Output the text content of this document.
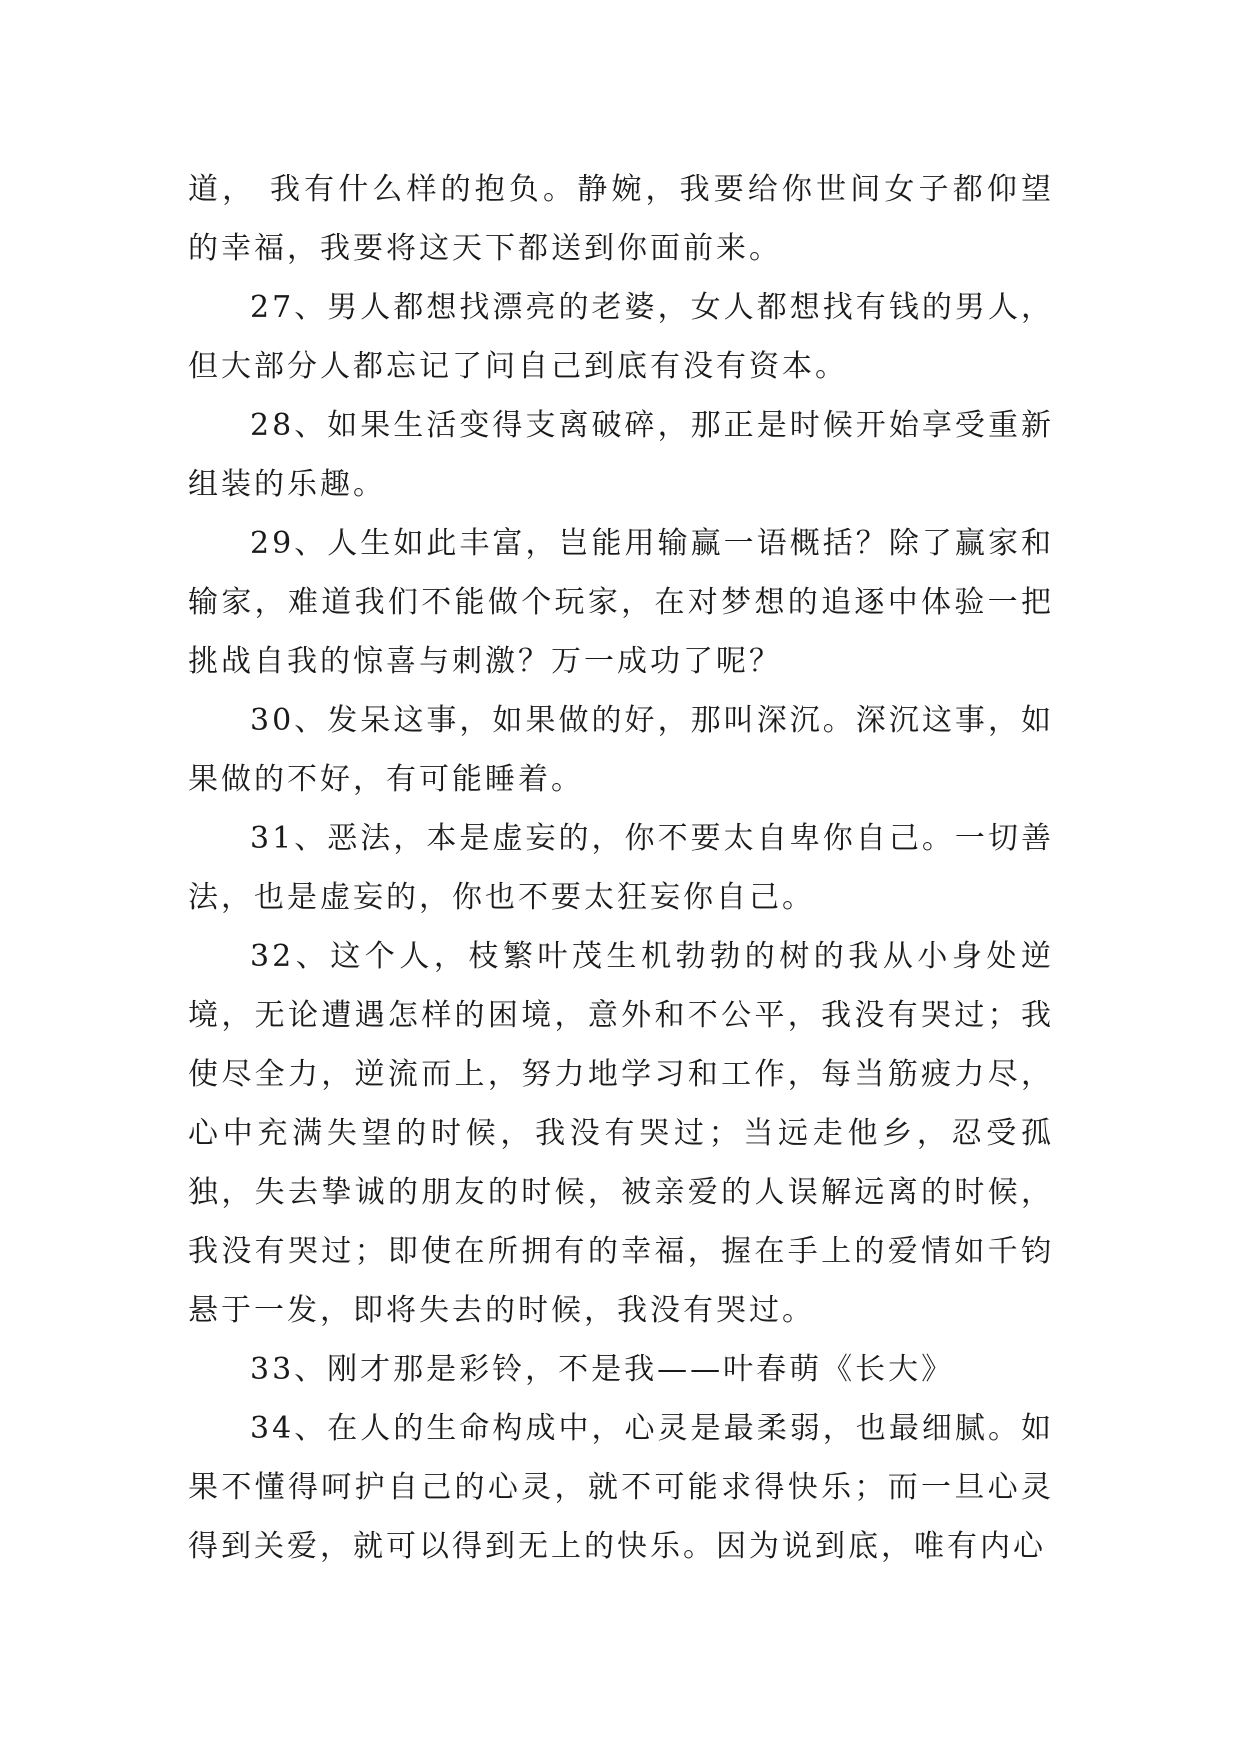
道， 我有什么样的抱负。静婉，我要给你世间女子都仰望的幸福，我要将这天下都送到你面前来。

27、男人都想找漂亮的老婆，女人都想找有钱的男人，但大部分人都忘记了问自己到底有没有资本。

28、如果生活变得支离破碎，那正是时候开始享受重新组装的乐趣。

29、人生如此丰富，岂能用输赢一语概括？除了赢家和输家，难道我们不能做个玩家，在对梦想的追逐中体验一把挑战自我的惊喜与刺激？万一成功了呢？

30、发呆这事，如果做的好，那叫深沉。深沉这事，如果做的不好，有可能睡着。

31、恶法，本是虚妄的，你不要太自卑你自己。一切善法，也是虚妄的，你也不要太狂妄你自己。

32、这个人，枝繁叶茂生机勃勃的树的我从小身处逆境，无论遭遇怎样的困境，意外和不公平，我没有哭过；我使尽全力，逆流而上，努力地学习和工作，每当筋疲力尽，心中充满失望的时候，我没有哭过；当远走他乡，忍受孤独，失去挚诚的朋友的时候，被亲爱的人误解远离的时候，我没有哭过；即使在所拥有的幸福，握在手上的爱情如千钧悬于一发，即将失去的时候，我没有哭过。

33、刚才那是彩铃，不是我——叶春萌《长大》

34、在人的生命构成中，心灵是最柔弱，也最细腻。如果不懂得呵护自己的心灵，就不可能求得快乐；而一旦心灵得到关爱，就可以得到无上的快乐。因为说到底，唯有内心
